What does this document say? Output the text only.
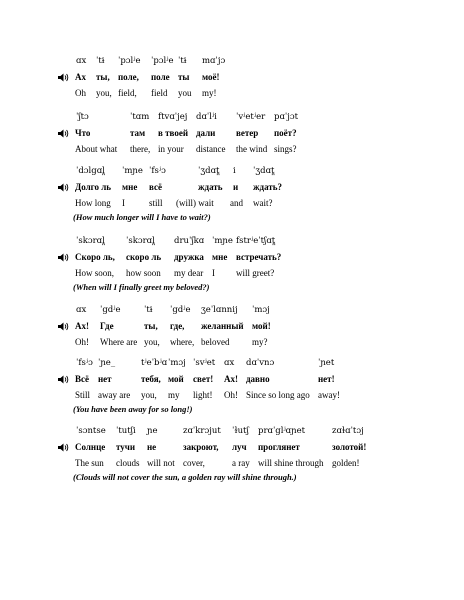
ɑx ˈtɨ ˈpɔlʲe ˈpɔlʲe ˈtɨ mɑˈjɔ
Ах ты, поле, поле ты моё!
Oh you, field, field you my!
ˈʃtɔ	ˈtɑm ftvɑˈjej dɑˈlʲi ˈvʲetʲer pɑˈjɔt
Что	там в твоей дали ветер поёт?
About what there, in your distance the wind sings?
ˈdɔlgɑl̪ ˈmɲe ˈfsʲɔ	ˈʒdɑt̪ i ˈʒdɑt̪
Долго ль мне всё	ждать и ждать?
How long I	still (will) wait and wait?
(How much longer will I have to wait?)
ˈskɔrɑl̪ ˈskɔrɑl̪ druˈʃkɑ ˈmɲe fstrʲeˈtʃɑt̪
Скоро ль, скоро ль дружка мне встречать?
How soon, how soon my dear I will greet?
(When will I finally greet my beloved?)
ɑx ˈgdʲe	ˈtɨ ˈgdʲe ʒeˈlɑnnij ˈmɔj
Ах! Где	ты, где, желанный мой!
Oh! Where are you, where, beloved	my?
ˈfsʲɔ ˈɲe_	tʲeˈbʲɑ ˈmɔj ˈsvʲet ɑx dɑˈvnɔ	ˈɲet
Всё нет	тебя, мой свет! Ах! давно	нет!
Still away are you, my light! Oh! Since so long ago away!
(You have been away for so long!)
ˈsɔntse ˈtutʃi ɲe	zɑˈkrɔjut ˈɫutʃ prɑˈglʲɑɲet	zɑɫɑˈtɔj
Солнце тучи не	закроют, луч проглянет	золотой!
The sun clouds will not cover,	a ray will shine through golden!
(Clouds will not cover the sun, a golden ray will shine through.)
